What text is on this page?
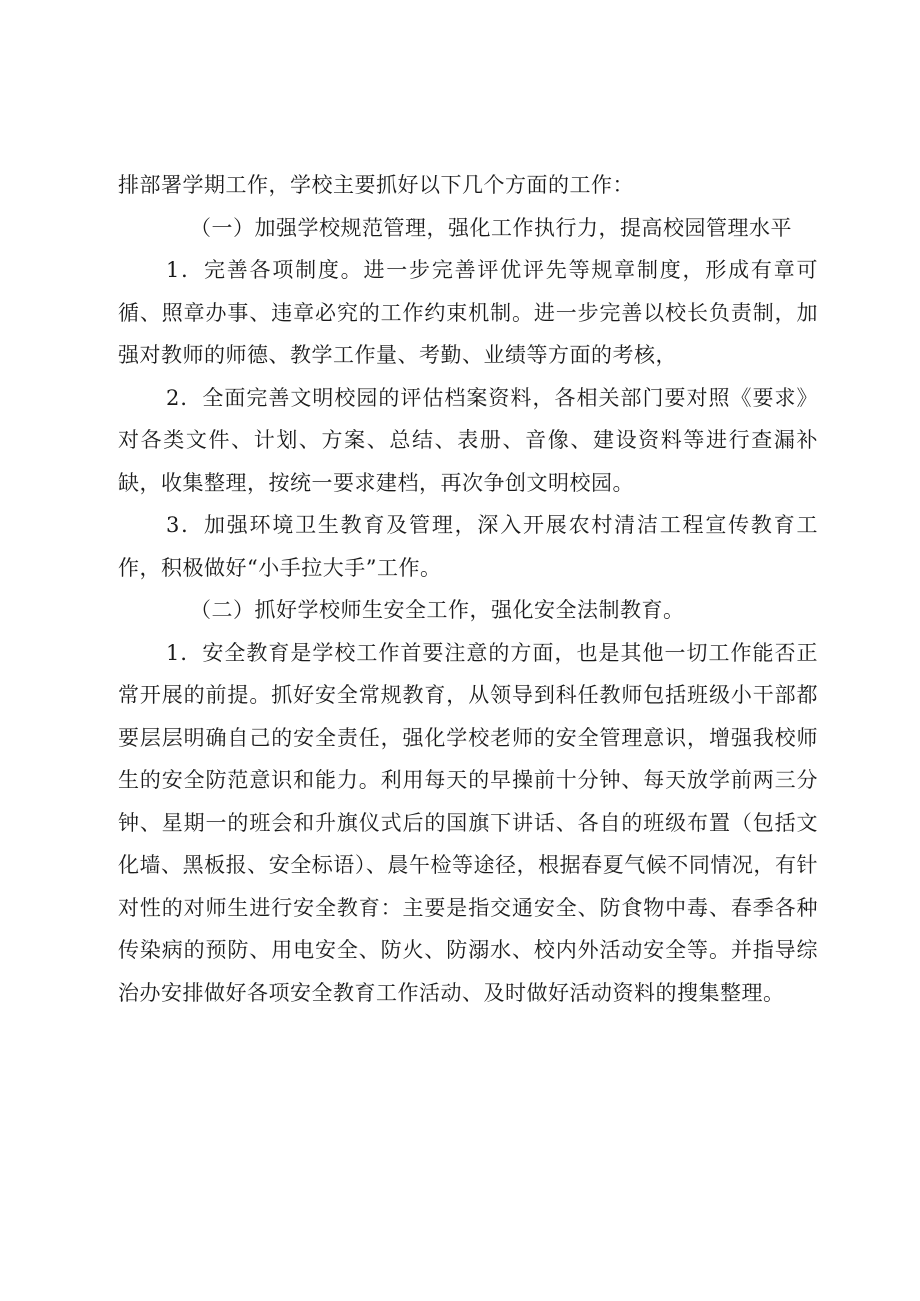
排部署学期工作，学校主要抓好以下几个方面的工作：

（一）加强学校规范管理，强化工作执行力，提高校园管理水平

1．完善各项制度。进一步完善评优评先等规章制度，形成有章可循、照章办事、违章必究的工作约束机制。进一步完善以校长负责制，加强对教师的师德、教学工作量、考勤、业绩等方面的考核，

2．全面完善文明校园的评估档案资料，各相关部门要对照《要求》对各类文件、计划、方案、总结、表册、音像、建设资料等进行查漏补缺，收集整理，按统一要求建档，再次争创文明校园。

3．加强环境卫生教育及管理，深入开展农村清洁工程宣传教育工作，积极做好“小手拉大手”工作。

（二）抓好学校师生安全工作，强化安全法制教育。

1．安全教育是学校工作首要注意的方面，也是其他一切工作能否正常开展的前提。抓好安全常规教育，从领导到科任教师包括班级小干部都要层层明确自己的安全责任，强化学校老师的安全管理意识，增强我校师生的安全防范意识和能力。利用每天的早操前十分钟、每天放学前两三分钟、星期一的班会和升旗仪式后的国旗下讲话、各自的班级布置（包括文化墙、黑板报、安全标语）、晨午检等途径，根据春夏气候不同情况，有针对性的对师生进行安全教育：主要是指交通安全、防食物中毒、春季各种传染病的预防、用电安全、防火、防溺水、校内外活动安全等。并指导综治办安排做好各项安全教育工作活动、及时做好活动资料的搜集整理。
